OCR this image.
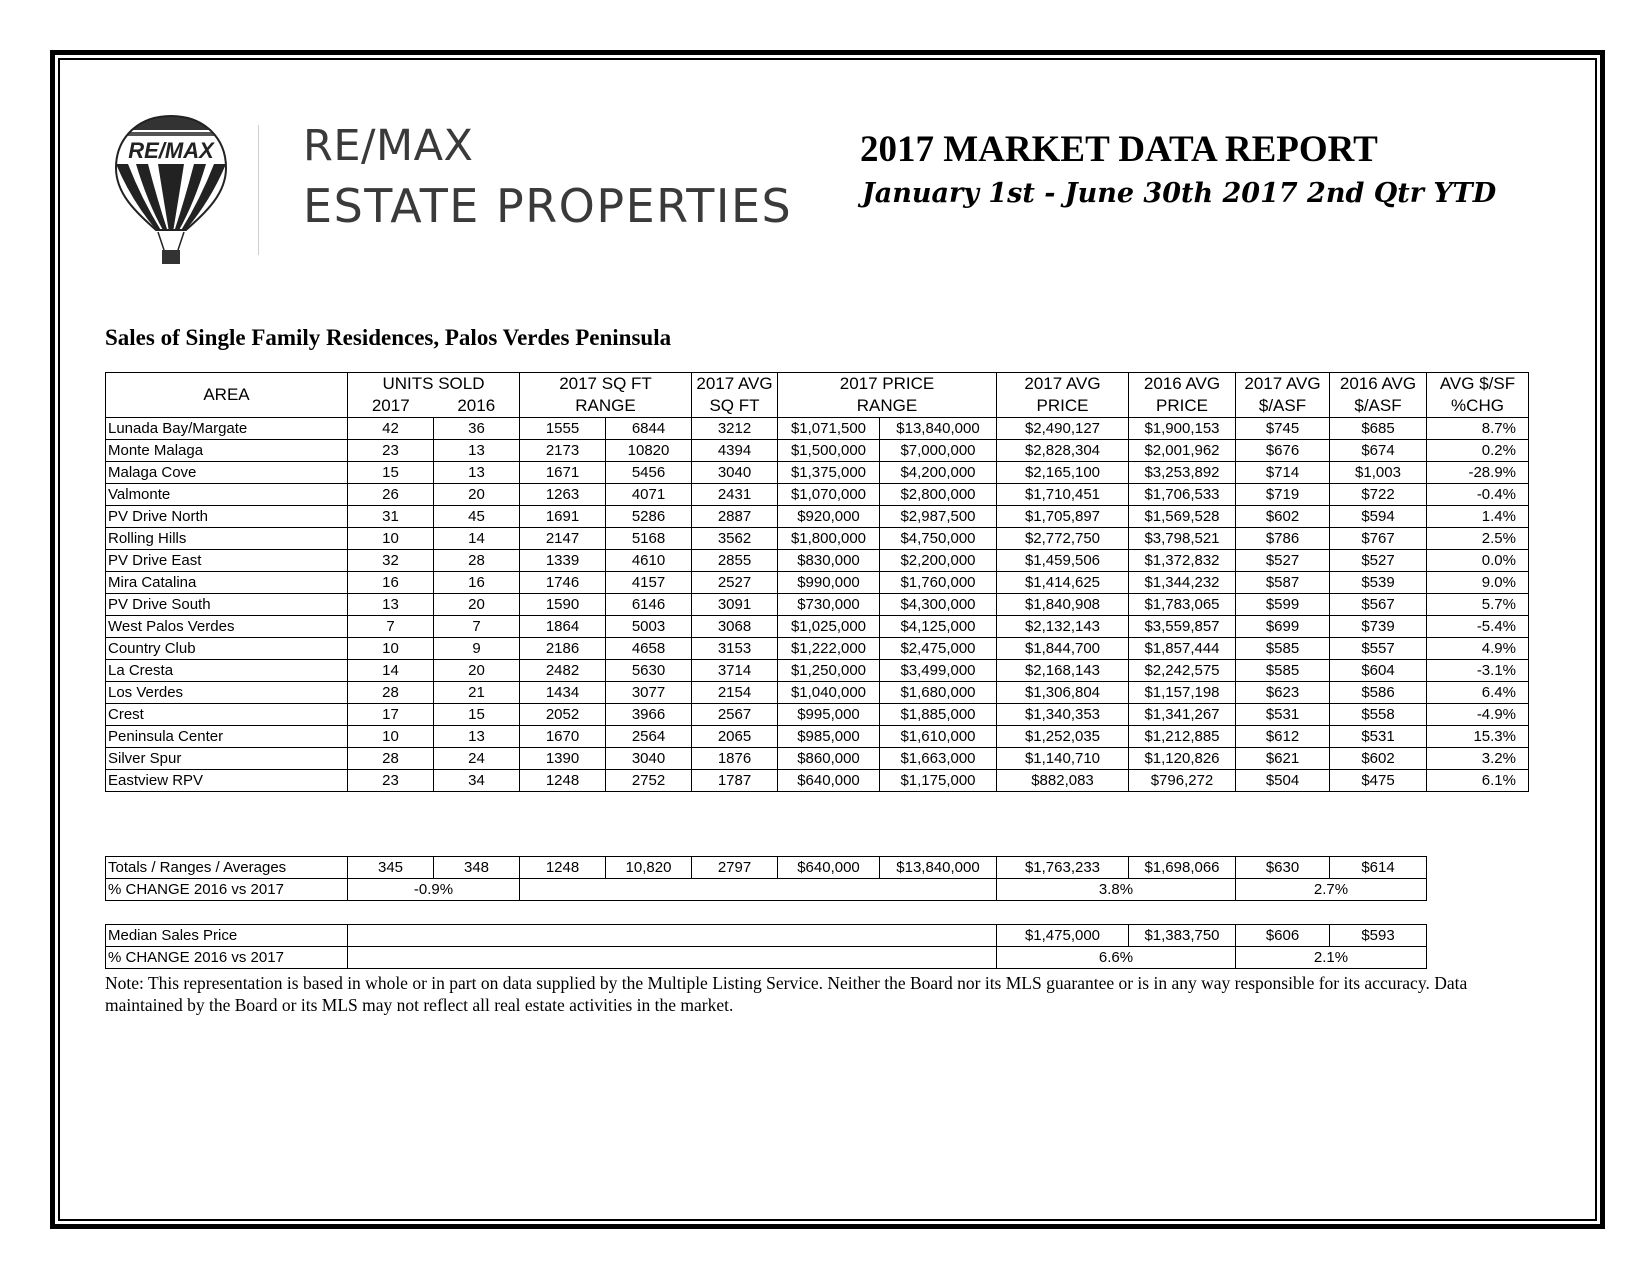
RE/MAX RE/MAX
ESTATE PROPERTIES
2017 MARKET DATA REPORT
January 1st - June 30th 2017 2nd Qtr YTD
Sales of Single Family Residences, Palos Verdes Peninsula
AREA	UNITS SOLD		2017 SQ FT		2017 AVG	2017 PRICE		2017 AVG	2016 AVG	2017 AVG	2016 AVG	AVG $/SF
	2017	2016	RANGE		SQ FT	RANGE		PRICE	PRICE	$/ASF	$/ASF	%CHG
Lunada Bay/Margate	42	36	1555	6844	3212	$1,071,500	$13,840,000	$2,490,127	$1,900,153	$745	$685	8.7%
Monte Malaga	23	13	2173	10820	4394	$1,500,000	$7,000,000	$2,828,304	$2,001,962	$676	$674	0.2%
Malaga Cove	15	13	1671	5456	3040	$1,375,000	$4,200,000	$2,165,100	$3,253,892	$714	$1,003	-28.9%
Valmonte	26	20	1263	4071	2431	$1,070,000	$2,800,000	$1,710,451	$1,706,533	$719	$722	-0.4%
PV Drive North	31	45	1691	5286	2887	$920,000	$2,987,500	$1,705,897	$1,569,528	$602	$594	1.4%
Rolling Hills	10	14	2147	5168	3562	$1,800,000	$4,750,000	$2,772,750	$3,798,521	$786	$767	2.5%
PV Drive East	32	28	1339	4610	2855	$830,000	$2,200,000	$1,459,506	$1,372,832	$527	$527	0.0%
Mira Catalina	16	16	1746	4157	2527	$990,000	$1,760,000	$1,414,625	$1,344,232	$587	$539	9.0%
PV Drive South	13	20	1590	6146	3091	$730,000	$4,300,000	$1,840,908	$1,783,065	$599	$567	5.7%
West Palos Verdes	7	7	1864	5003	3068	$1,025,000	$4,125,000	$2,132,143	$3,559,857	$699	$739	-5.4%
Country Club	10	9	2186	4658	3153	$1,222,000	$2,475,000	$1,844,700	$1,857,444	$585	$557	4.9%
La Cresta	14	20	2482	5630	3714	$1,250,000	$3,499,000	$2,168,143	$2,242,575	$585	$604	-3.1%
Los Verdes	28	21	1434	3077	2154	$1,040,000	$1,680,000	$1,306,804	$1,157,198	$623	$586	6.4%
Crest	17	15	2052	3966	2567	$995,000	$1,885,000	$1,340,353	$1,341,267	$531	$558	-4.9%
Peninsula Center	10	13	1670	2564	2065	$985,000	$1,610,000	$1,252,035	$1,212,885	$612	$531	15.3%
Silver Spur	28	24	1390	3040	1876	$860,000	$1,663,000	$1,140,710	$1,120,826	$621	$602	3.2%
Eastview RPV	23	34	1248	2752	1787	$640,000	$1,175,000	$882,083	$796,272	$504	$475	6.1%
Totals / Ranges / Averages	345	348	1248	10,820	2797	$640,000	$13,840,000	$1,763,233	$1,698,066	$630	$614
% CHANGE 2016 vs 2017	-0.9%							3.8%		2.7%	
Median Sales Price		$1,475,000	$1,383,750	$606	$593
% CHANGE 2016 vs 2017		6.6%		2.1%	
Note: This representation is based in whole or in part on data supplied by the Multiple Listing Service. Neither the Board nor its MLS guarantee or is in any way responsible for its accuracy. Data maintained by the Board or its MLS may not reflect all real estate activities in the market.
